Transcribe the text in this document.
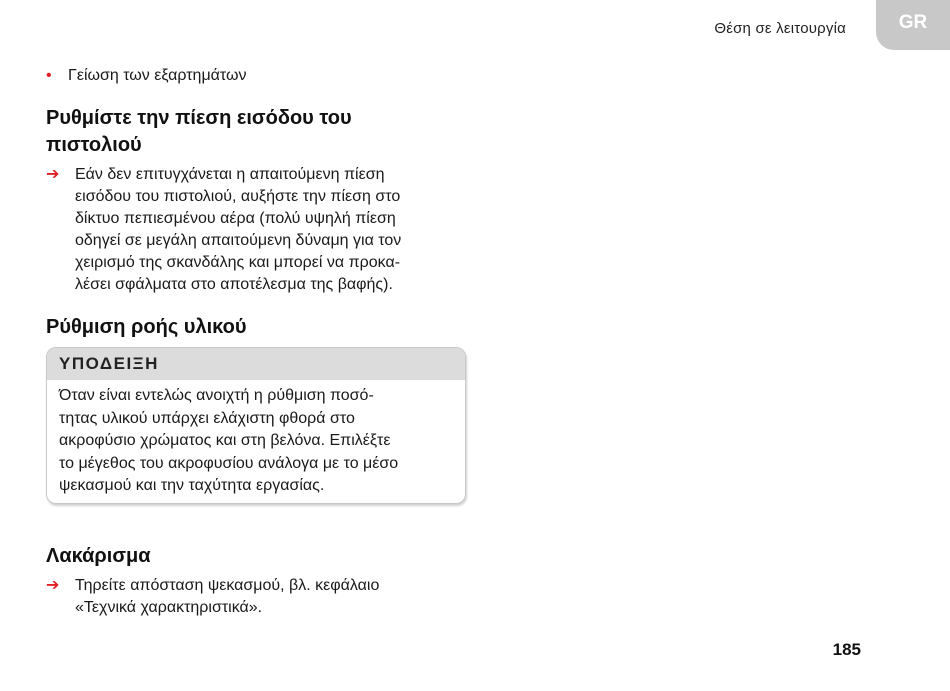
Θέση σε λειτουργία	GR
• Γείωση των εξαρτημάτων
Ρυθμίστε την πίεση εισόδου του πιστολιού
➔ Εάν δεν επιτυγχάνεται η απαιτούμενη πίεση
εισόδου του πιστολιού, αυξήστε την πίεση στο
δίκτυο πεπιεσμένου αέρα (πολύ υψηλή πίεση
οδηγεί σε μεγάλη απαιτούμενη δύναμη για τον
χειρισμό της σκανδάλης και μπορεί να προκα-
λέσει σφάλματα στο αποτέλεσμα της βαφής).
Ρύθμιση ροής υλικού
ΥΠΟΔΕΙΞΗ
Όταν είναι εντελώς ανοιχτή η ρύθμιση ποσό-
τητας υλικού υπάρχει ελάχιστη φθορά στο
ακροφύσιο χρώματος και στη βελόνα. Επιλέξτε
το μέγεθος του ακροφυσίου ανάλογα με το μέσο
ψεκασμού και την ταχύτητα εργασίας.
Λακάρισμα
➔ Τηρείτε απόσταση ψεκασμού, βλ. κεφάλαιο
«Τεχνικά χαρακτηριστικά».
185
